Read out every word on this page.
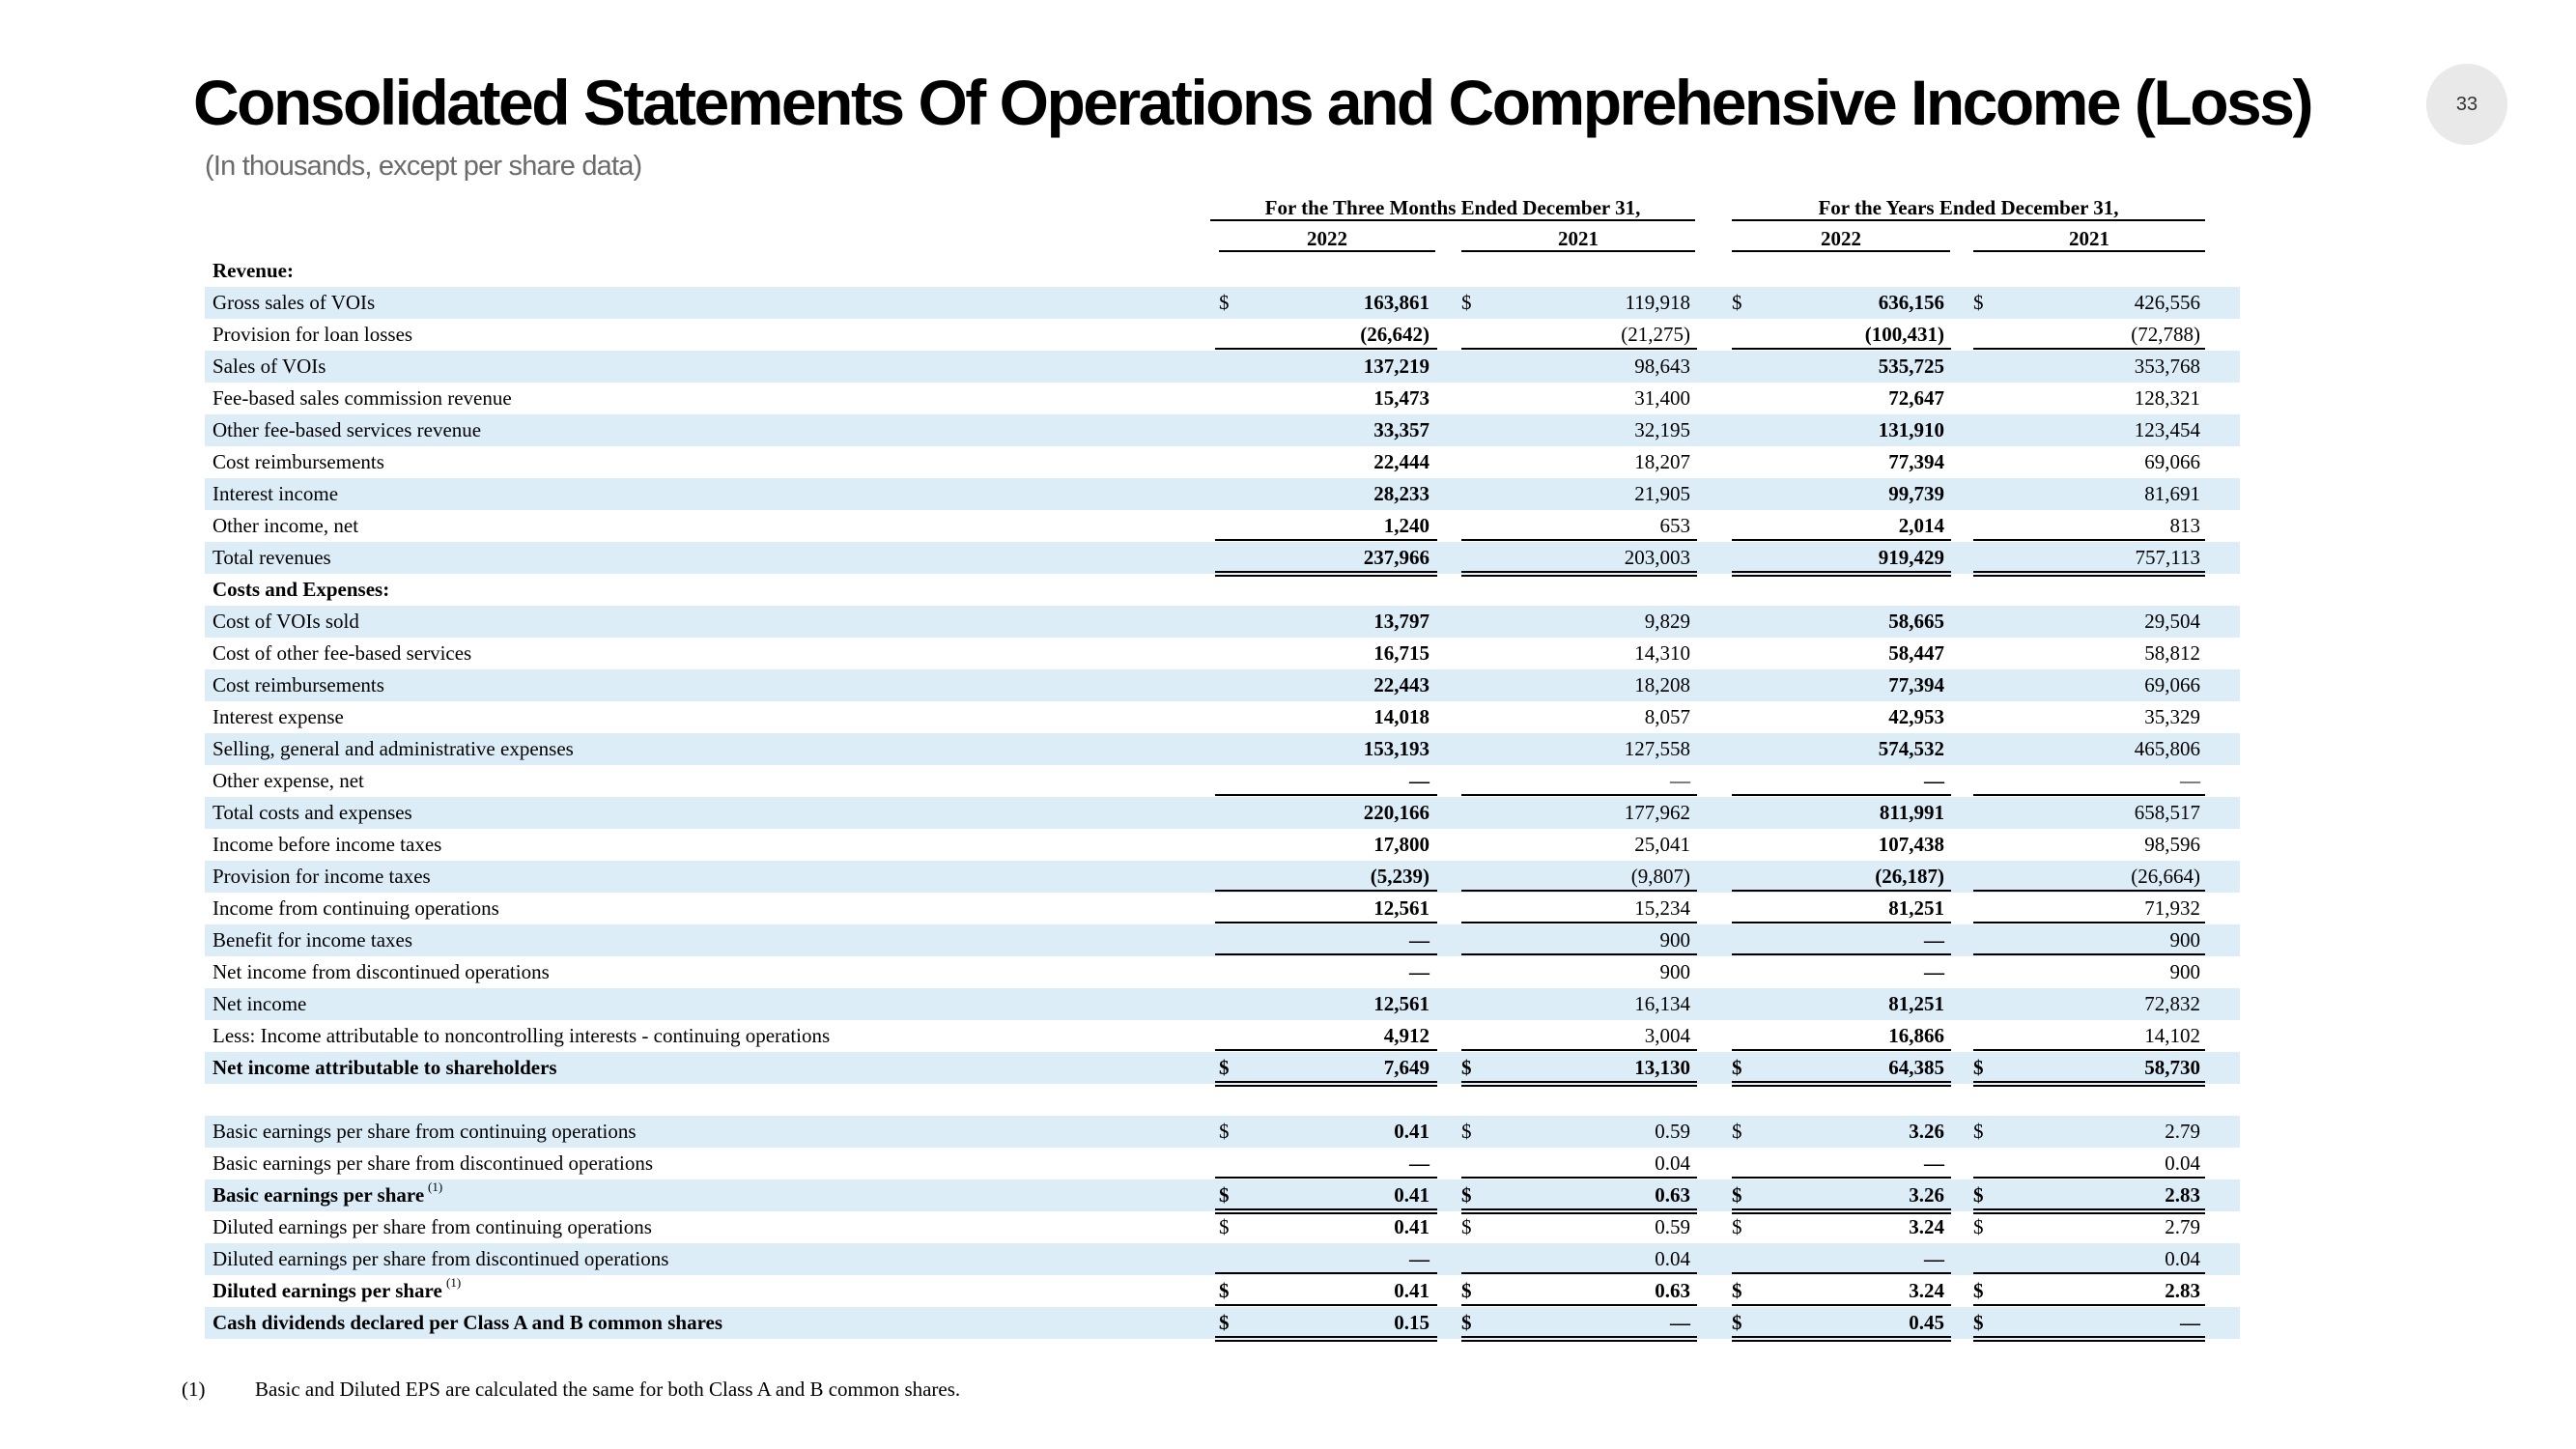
Consolidated Statements Of Operations and Comprehensive Income (Loss)
(In thousands, except per share data)
33
For the Three Months Ended December 31,	For the Years Ended December 31,
2022	2021	2022	2021
Revenue:
Gross sales of VOIs	$	163,861 $	119,918 $	636,156 $	426,556
Provision for loan losses	(26,642)	(21,275)	(100,431)	(72,788)
Sales of VOIs	137,219	98,643	535,725	353,768
Fee-based sales commission revenue	15,473	31,400	72,647	128,321
Other fee-based services revenue	33,357	32,195	131,910	123,454
Cost reimbursements	22,444	18,207	77,394	69,066
Interest income	28,233	21,905	99,739	81,691
Other income, net	1,240	653	2,014	813
Total revenues	237,966	203,003	919,429	757,113
Costs and Expenses:
Cost of VOIs sold	13,797	9,829	58,665	29,504
Cost of other fee-based services	16,715	14,310	58,447	58,812
Cost reimbursements	22,443	18,208	77,394	69,066
Interest expense	14,018	8,057	42,953	35,329
Selling, general and administrative expenses	153,193	127,558	574,532	465,806
Other expense, net	—	—	—	—
Total costs and expenses	220,166	177,962	811,991	658,517
Income before income taxes	17,800	25,041	107,438	98,596
Provision for income taxes	(5,239)	(9,807)	(26,187)	(26,664)
Income from continuing operations	12,561	15,234	81,251	71,932
Benefit for income taxes	—	900	—	900
Net income from discontinued operations	—	900	—	900
Net income	12,561	16,134	81,251	72,832
Less: Income attributable to noncontrolling interests - continuing operations	4,912	3,004	16,866	14,102
Net income attributable to shareholders	$	7,649 $	13,130 $	64,385 $	58,730
Basic earnings per share from continuing operations	$	0.41 $	0.59 $	3.26 $	2.79
Basic earnings per share from discontinued operations	—	0.04	—	0.04
Basic earnings per share (1)	$	0.41 $	0.63 $	3.26 $	2.83
Diluted earnings per share from continuing operations	$	0.41 $	0.59 $	3.24 $	2.79
Diluted earnings per share from discontinued operations	—	0.04	—	0.04
Diluted earnings per share (1)	$	0.41 $	0.63 $	3.24 $	2.83
Cash dividends declared per Class A and B common shares	$	0.15 $	— $	0.45 $	—
(1) Basic and Diluted EPS are calculated the same for both Class A and B common shares.
